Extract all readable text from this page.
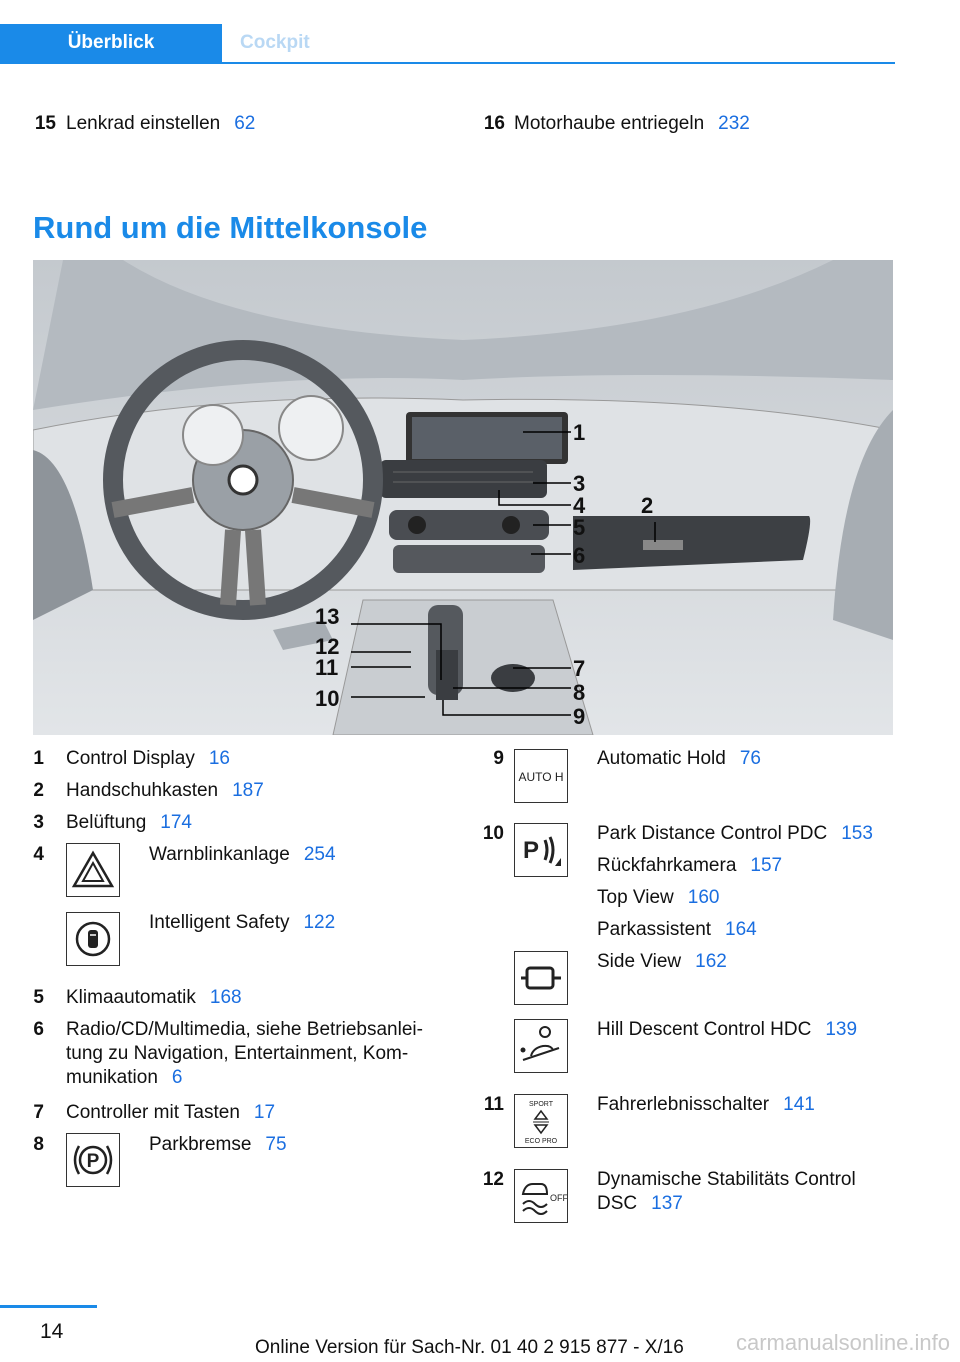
Überblick	Cockpit
15 Lenkrad einstellen 62	16 Motorhaube entriegeln 232
Rund um die Mittelkonsole
1
2
3
4
5
6
7
8
9
10
11
12
13
1 Control Display 16
2 Handschuhkasten 187
3 Belüftung 174
4	Warnblinkanlage 254
Intelligent Safety 122
5 Klimaautomatik 168
6 Radio/CD/Multimedia, siehe Betriebsanlei-
tung zu Navigation, Entertainment, Kom-
munikation 6
7 Controller mit Tasten 17
8	Parkbremse 75
P
9	Automatic Hold 76
AUTO H
10	Park Distance Control PDC 153
P
Rückfahrkamera 157
Top View 160
Parkassistent 164
Side View 162
Hill Descent Control HDC 139
11	Fahrerlebnisschalter 141
SPORT
ECO PRO
12	Dynamische Stabilitäts Control
DSC 137
OFF
14
Online Version für Sach-Nr. 01 40 2 915 877 - X/16 carmanualsonline.info
